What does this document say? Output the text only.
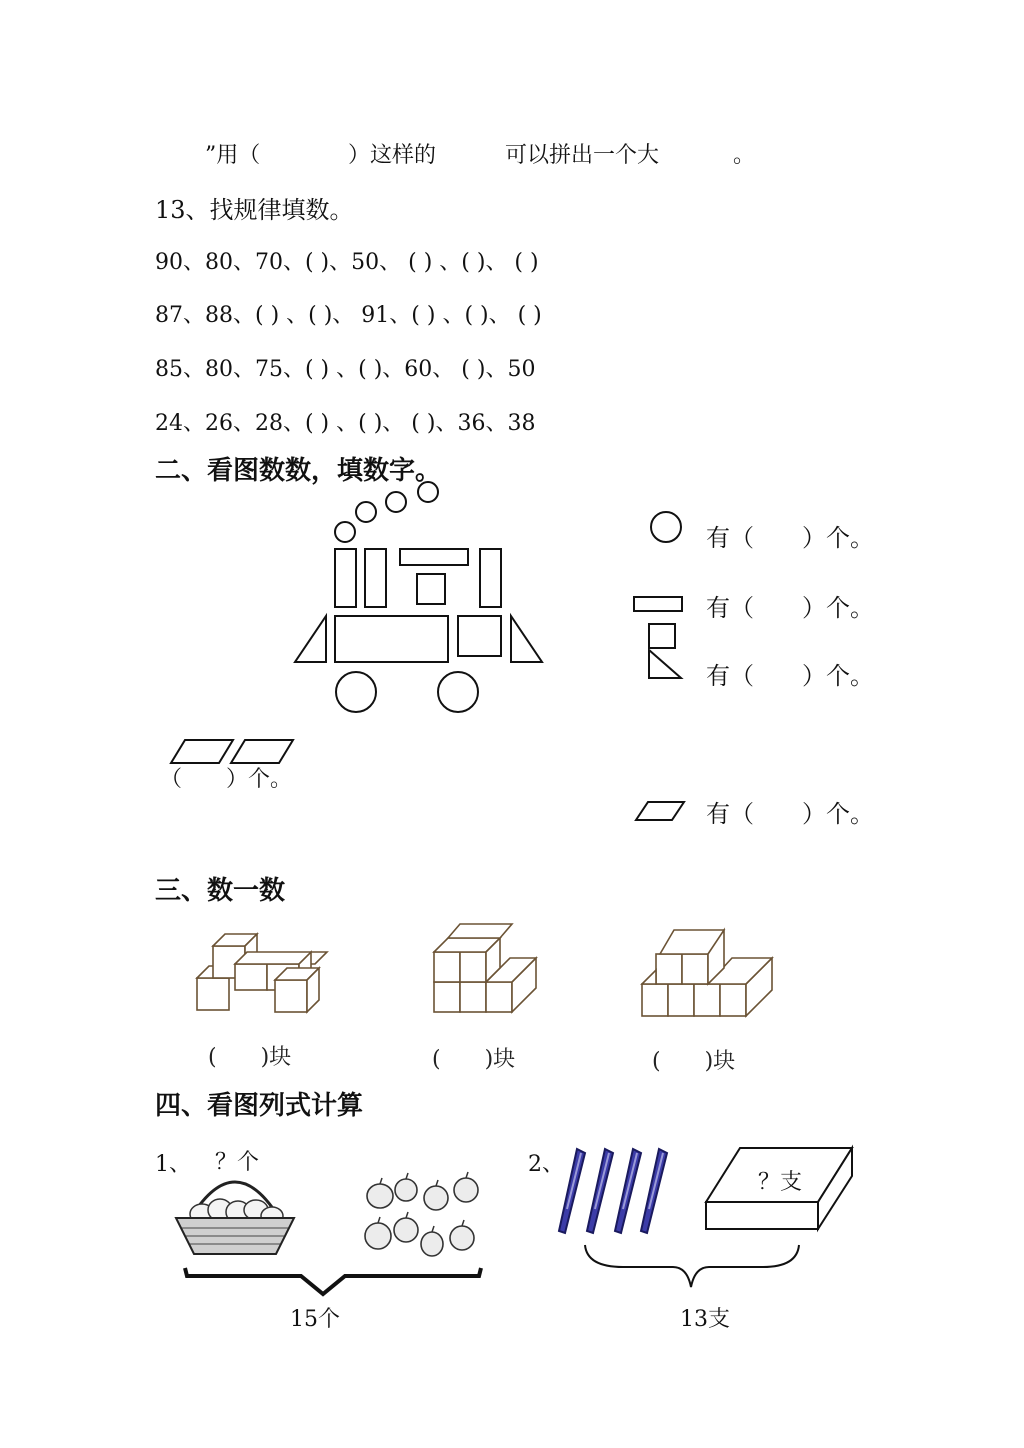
”用（	）这样的	可以拼出一个大	。
13、找规律填数。
90、80、70、( )、50、 ( ) 、( )、 ( )
87、88、( ) 、( )、 91、( ) 、( )、 ( )
85、80、75、( ) 、( )、60、 ( )、50
24、26、28、( ) 、( )、 ( )、36、38
二、看图数数，填数字。
有（　　）个。
有（　　）个。
有（　　）个。
（　　）个。
有（　　）个。
三、数一数
(　　)块	(　　)块	(　　)块
四、看图列式计算
1、 ？个
15个
2、
？支
13支
